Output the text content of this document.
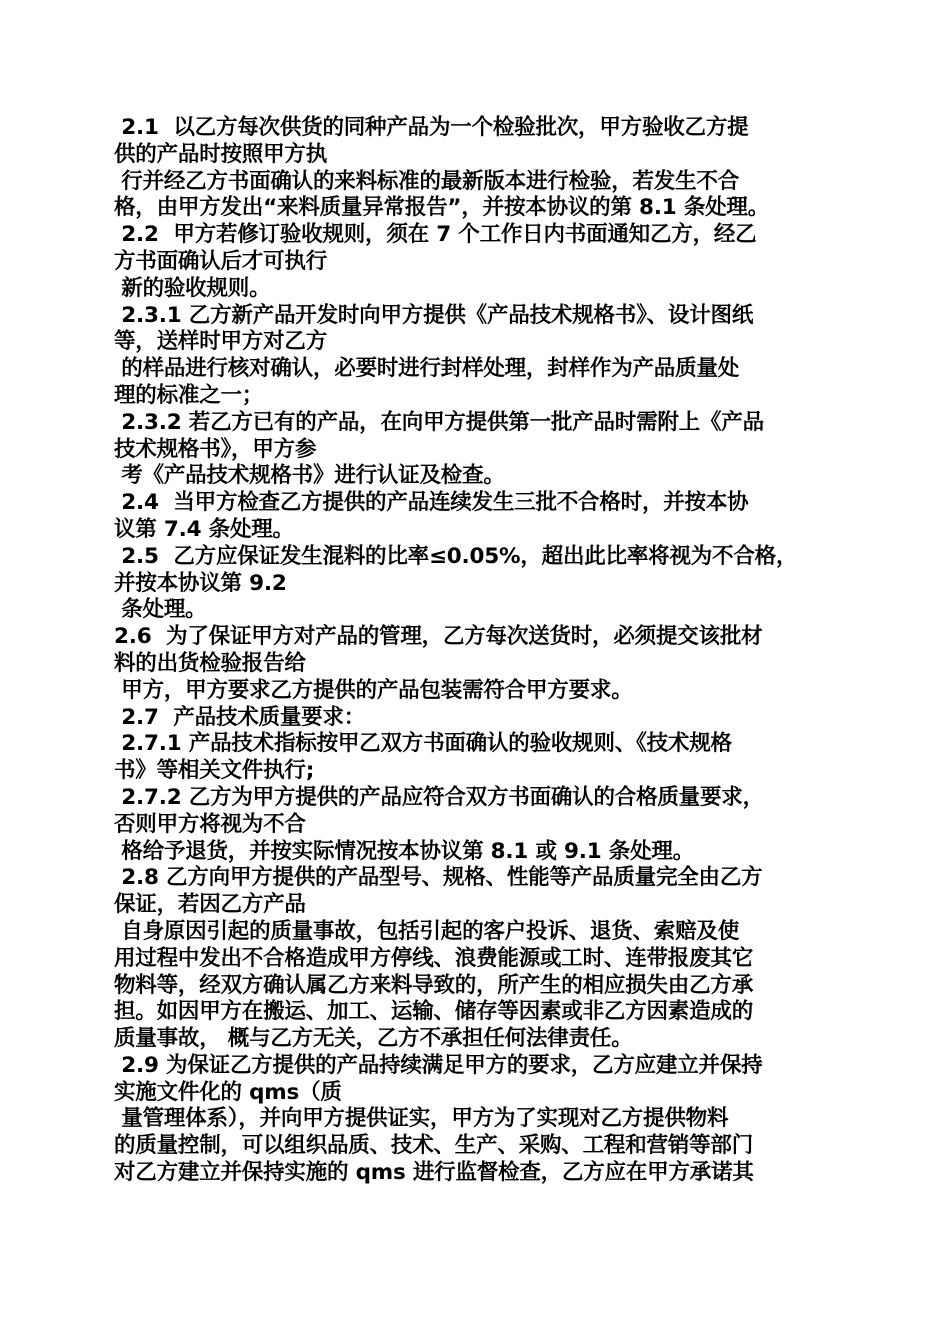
2.1  以乙方每次供货的同种产品为一个检验批次，甲方验收乙方提
供的产品时按照甲方执
行并经乙方书面确认的来料标准的最新版本进行检验，若发生不合
格，由甲方发出“来料质量异常报告”，并按本协议的第 8.1 条处理。
2.2  甲方若修订验收规则，须在 7 个工作日内书面通知乙方，经乙
方书面确认后才可执行
新的验收规则。
2.3.1 乙方新产品开发时向甲方提供《产品技术规格书》、设计图纸
等，送样时甲方对乙方
的样品进行核对确认，必要时进行封样处理，封样作为产品质量处
理的标准之一；
2.3.2 若乙方已有的产品，在向甲方提供第一批产品时需附上《产品
技术规格书》，甲方参
考《产品技术规格书》进行认证及检查。
2.4  当甲方检查乙方提供的产品连续发生三批不合格时，并按本协
议第 7.4 条处理。
2.5  乙方应保证发生混料的比率≤0.05%，超出此比率将视为不合格，
并按本协议第 9.2
条处理。
2.6  为了保证甲方对产品的管理，乙方每次送货时，必须提交该批材
料的出货检验报告给
甲方，甲方要求乙方提供的产品包装需符合甲方要求。
2.7  产品技术质量要求：
2.7.1 产品技术指标按甲乙双方书面确认的验收规则、《技术规格
书》等相关文件执行;
2.7.2 乙方为甲方提供的产品应符合双方书面确认的合格质量要求，
否则甲方将视为不合
格给予退货，并按实际情况按本协议第 8.1 或 9.1 条处理。
2.8 乙方向甲方提供的产品型号、规格、性能等产品质量完全由乙方
保证，若因乙方产品
自身原因引起的质量事故，包括引起的客户投诉、退货、索赔及使
用过程中发出不合格造成甲方停线、浪费能源或工时、连带报废其它
物料等，经双方确认属乙方来料导致的，所产生的相应损失由乙方承
担。如因甲方在搬运、加工、运输、储存等因素或非乙方因素造成的
质量事故， 概与乙方无关，乙方不承担任何法律责任。
2.9 为保证乙方提供的产品持续满足甲方的要求，乙方应建立并保持
实施文件化的 qms（质
量管理体系），并向甲方提供证实，甲方为了实现对乙方提供物料
的质量控制，可以组织品质、技术、生产、采购、工程和营销等部门
对乙方建立并保持实施的 qms 进行监督检查，乙方应在甲方承诺其
